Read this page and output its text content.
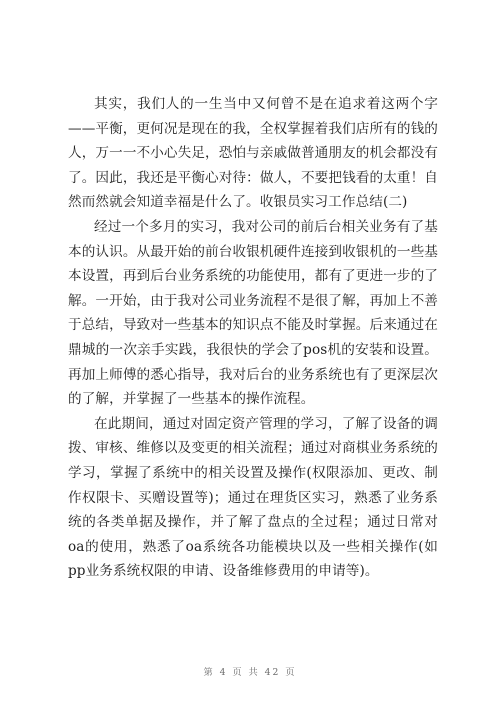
其实，我们人的一生当中又何曾不是在追求着这两个字——平衡，更何况是现在的我，全权掌握着我们店所有的钱的人，万一一不小心失足，恐怕与亲戚做普通朋友的机会都没有了。因此，我还是平衡心对待：做人，不要把钱看的太重！自然而然就会知道幸福是什么了。收银员实习工作总结(二)

经过一个多月的实习，我对公司的前后台相关业务有了基本的认识。从最开始的前台收银机硬件连接到收银机的一些基本设置，再到后台业务系统的功能使用，都有了更进一步的了解。一开始，由于我对公司业务流程不是很了解，再加上不善于总结，导致对一些基本的知识点不能及时掌握。后来通过在鼎城的一次亲手实践，我很快的学会了pos机的安装和设置。再加上师傅的悉心指导，我对后台的业务系统也有了更深层次的了解，并掌握了一些基本的操作流程。

在此期间，通过对固定资产管理的学习，了解了设备的调拨、审核、维修以及变更的相关流程；通过对商棋业务系统的学习，掌握了系统中的相关设置及操作(权限添加、更改、制作权限卡、买赠设置等)；通过在理货区实习，熟悉了业务系统的各类单据及操作，并了解了盘点的全过程；通过日常对oa的使用，熟悉了oa系统各功能模块以及一些相关操作(如pp业务系统权限的申请、设备维修费用的申请等)。

第 4 页 共 42 页
